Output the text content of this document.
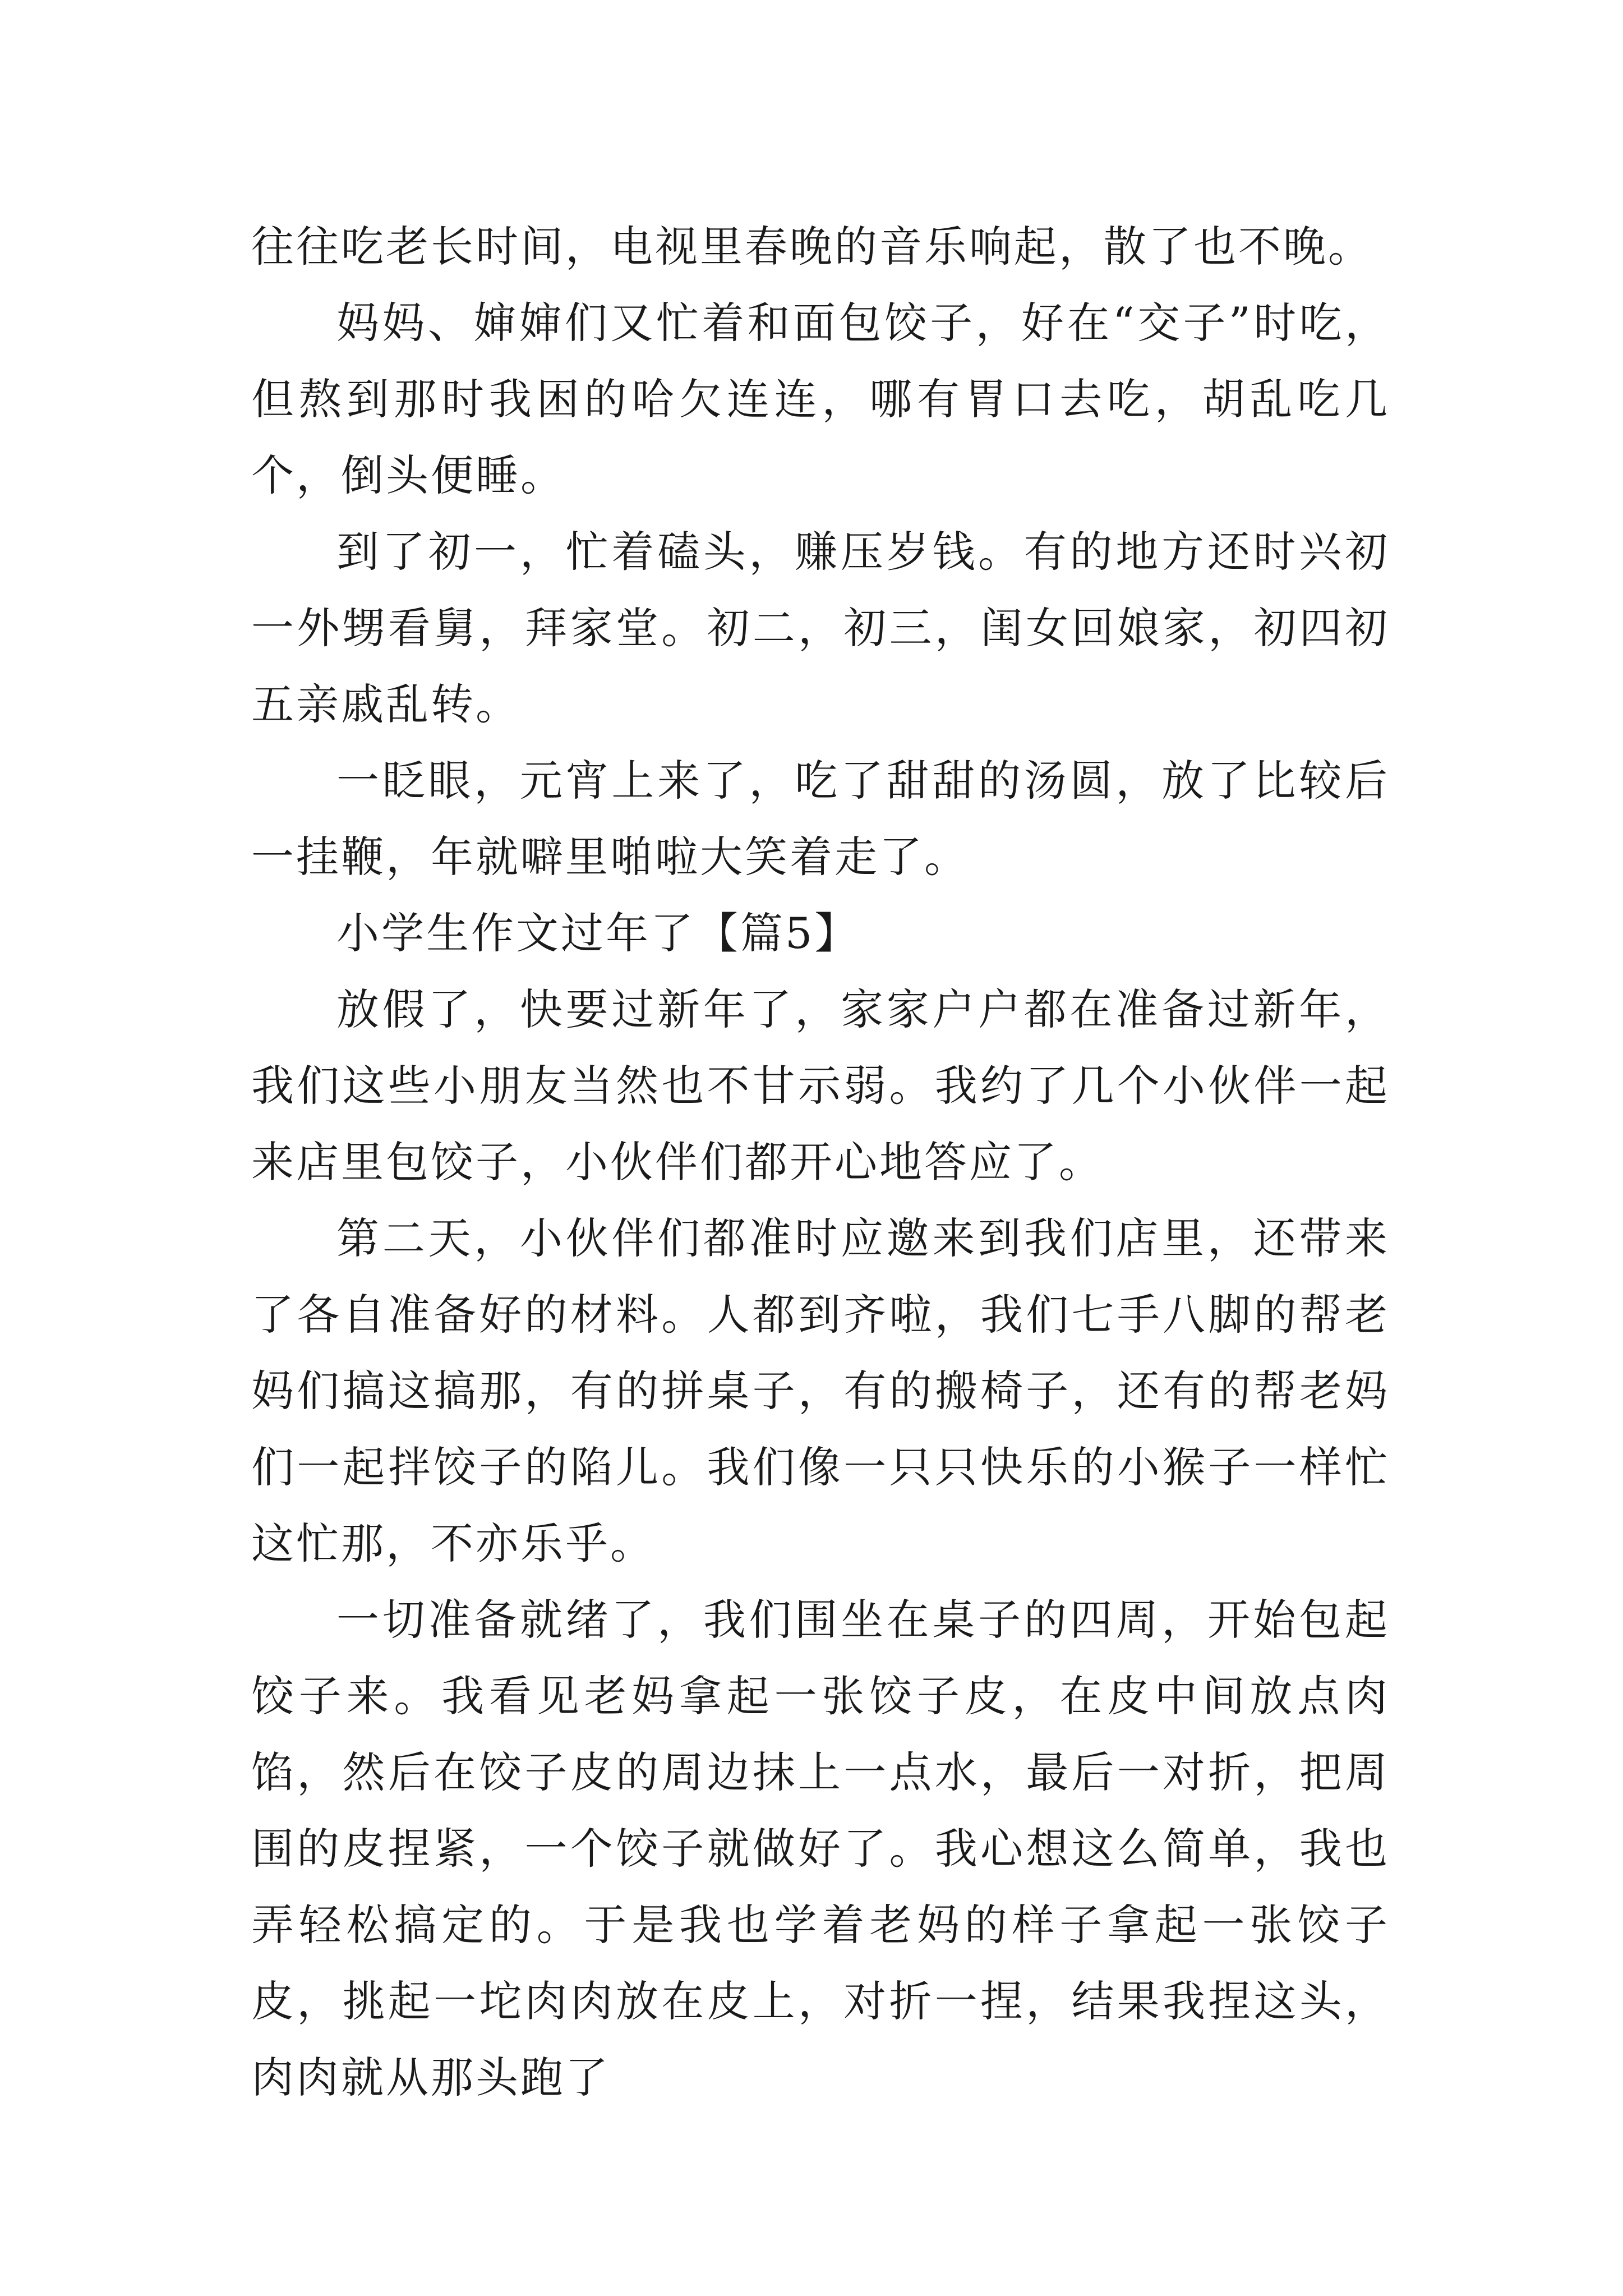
往往吃老长时间，电视里春晚的音乐响起，散了也不晚。

妈妈、婶婶们又忙着和面包饺子，好在“交子”时吃，但熬到那时我困的哈欠连连，哪有胃口去吃，胡乱吃几个，倒头便睡。

到了初一，忙着磕头，赚压岁钱。有的地方还时兴初一外甥看舅，拜家堂。初二，初三，闺女回娘家，初四初五亲戚乱转。

一眨眼，元宵上来了，吃了甜甜的汤圆，放了比较后一挂鞭，年就噼里啪啦大笑着走了。

小学生作文过年了【篇5】

放假了，快要过新年了，家家户户都在准备过新年，我们这些小朋友当然也不甘示弱。我约了几个小伙伴一起来店里包饺子，小伙伴们都开心地答应了。

第二天，小伙伴们都准时应邀来到我们店里，还带来了各自准备好的材料。人都到齐啦，我们七手八脚的帮老妈们搞这搞那，有的拼桌子，有的搬椅子，还有的帮老妈们一起拌饺子的陷儿。我们像一只只快乐的小猴子一样忙这忙那，不亦乐乎。

一切准备就绪了，我们围坐在桌子的四周，开始包起饺子来。我看见老妈拿起一张饺子皮，在皮中间放点肉馅，然后在饺子皮的周边抹上一点水，最后一对折，把周围的皮捏紧，一个饺子就做好了。我心想这么简单，我也弄轻松搞定的。于是我也学着老妈的样子拿起一张饺子皮，挑起一坨肉肉放在皮上，对折一捏，结果我捏这头，肉肉就从那头跑了
